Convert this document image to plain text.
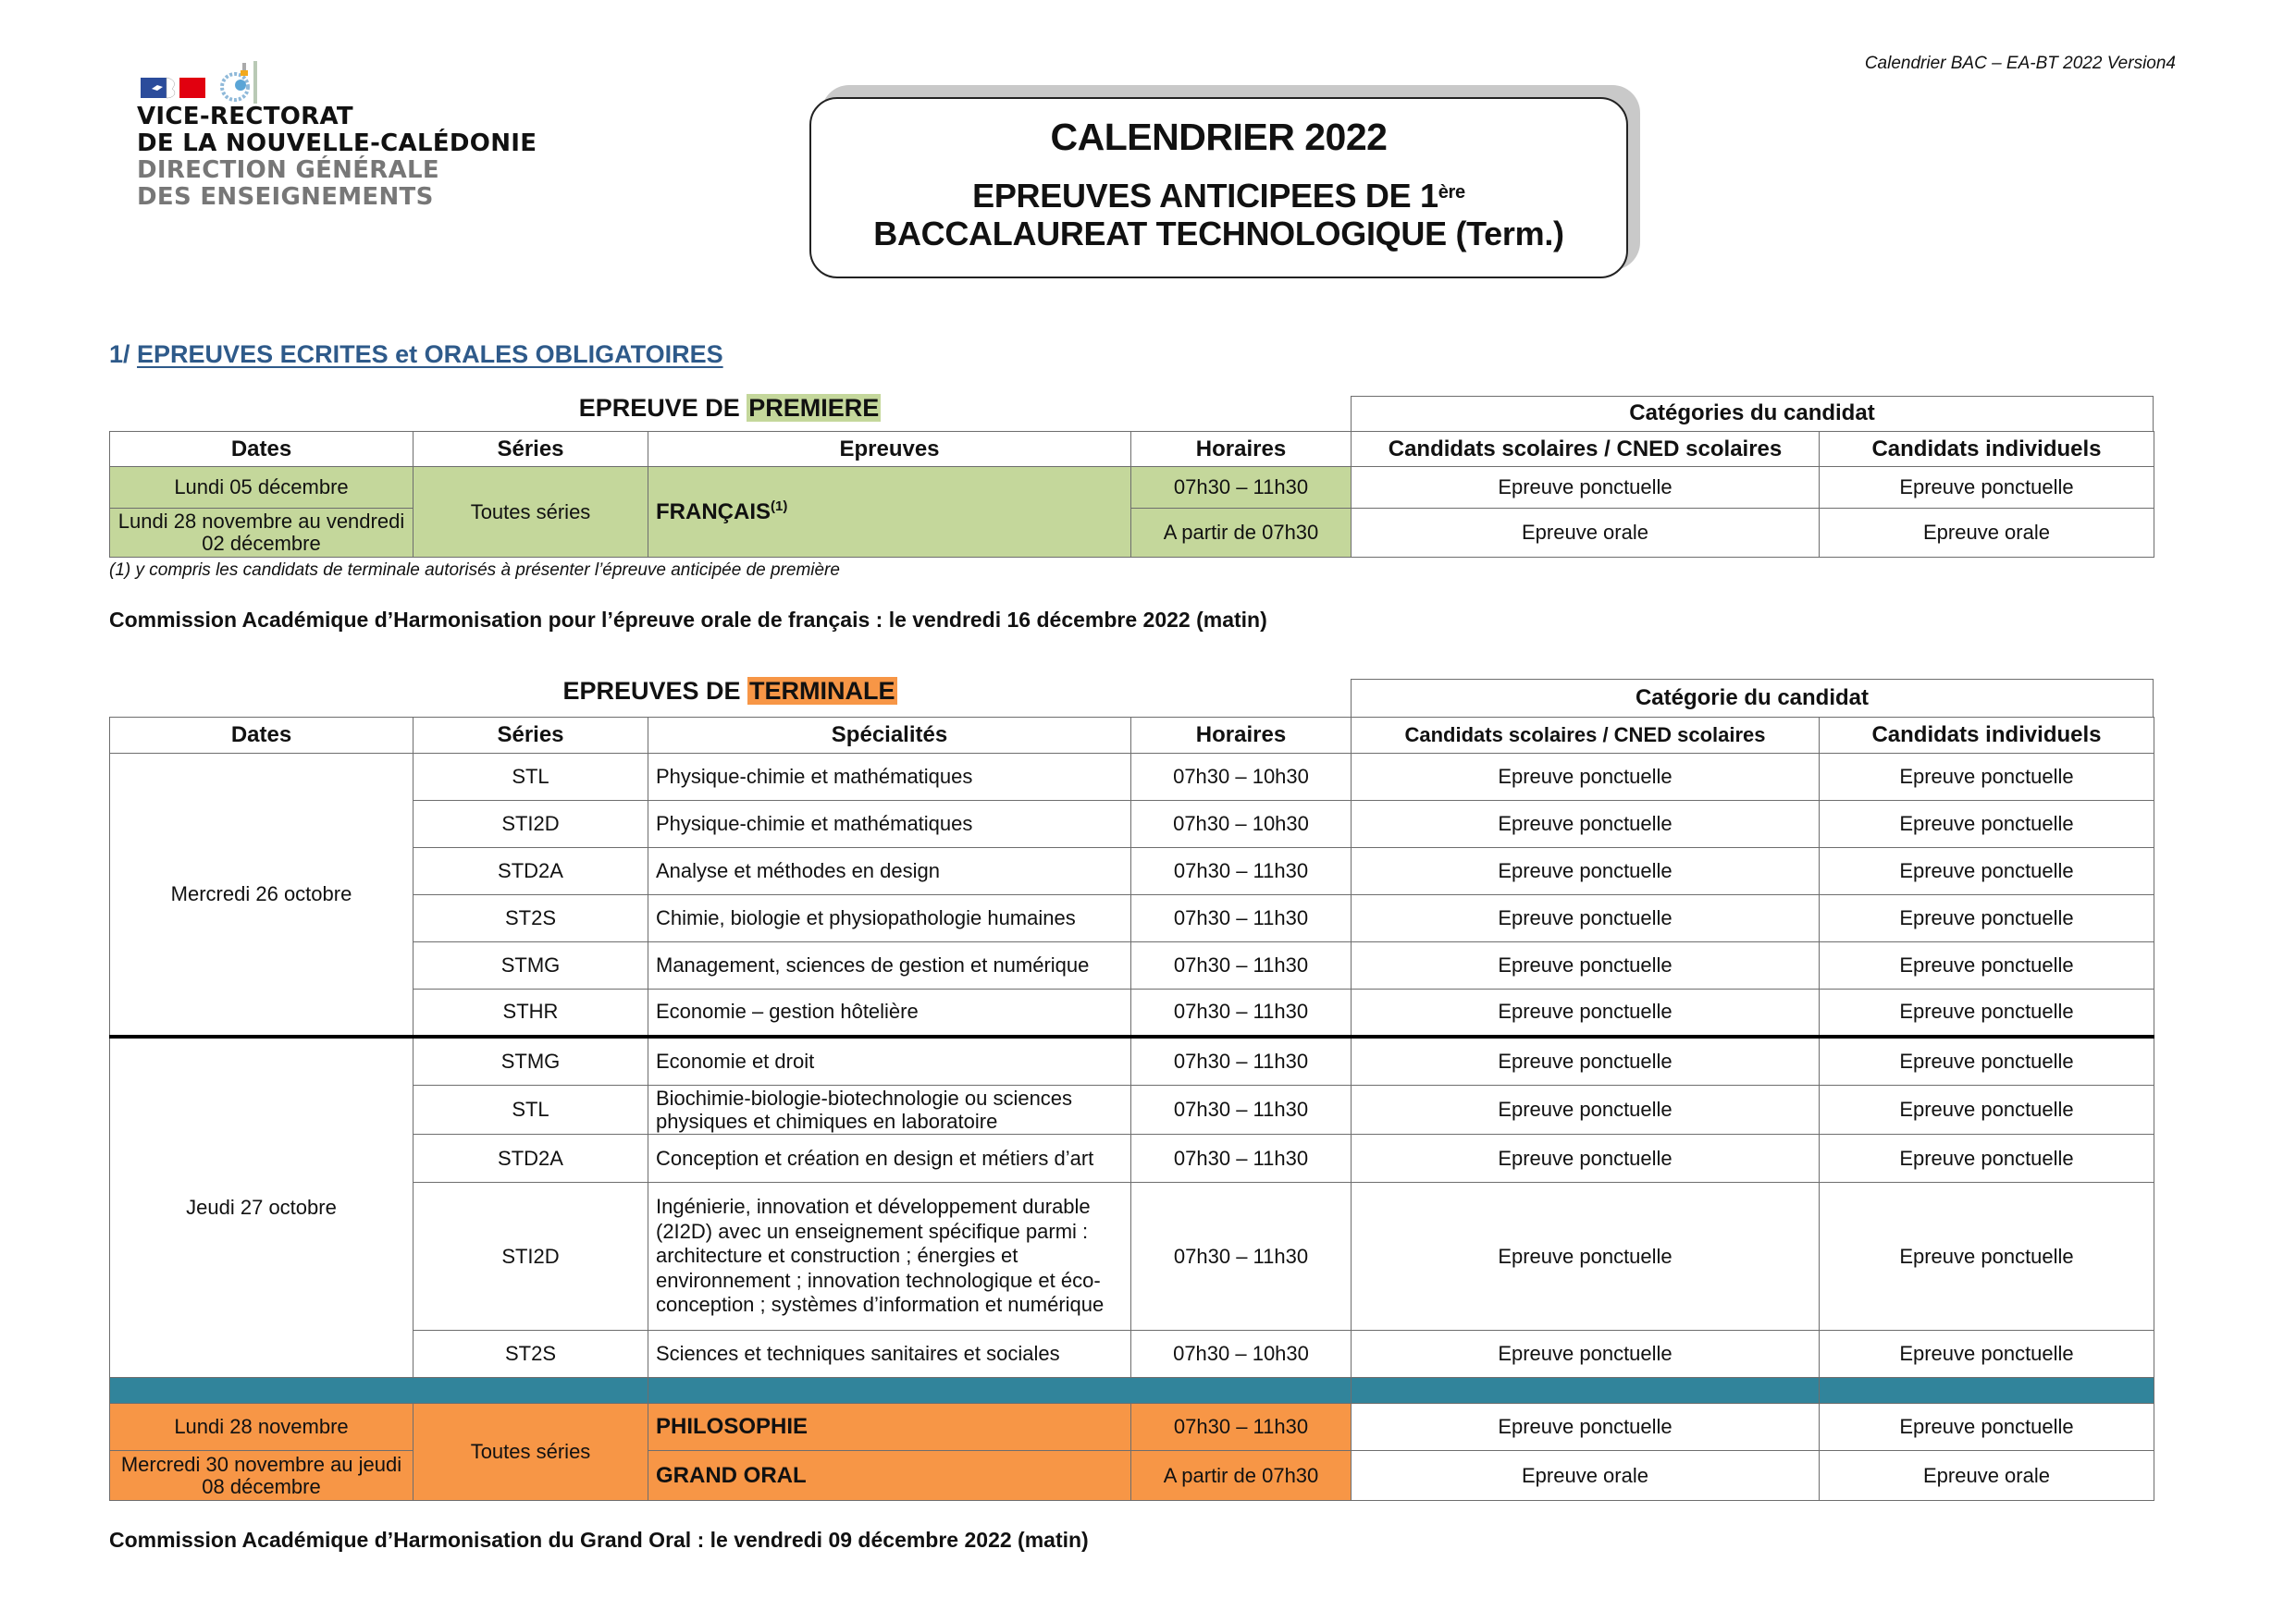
Calendrier BAC – EA-BT 2022 Version4
VICE-RECTORAT
DE LA NOUVELLE-CALÉDONIE
DIRECTION GÉNÉRALE
DES ENSEIGNEMENTS
CALENDRIER 2022
EPREUVES ANTICIPEES DE 1ère
BACCALAUREAT TECHNOLOGIQUE (Term.)
1/ EPREUVES ECRITES et ORALES OBLIGATOIRES
EPREUVE DE PREMIERE	Catégories du candidat
Dates	Séries	Epreuves	Horaires	Candidats scolaires / CNED scolaires	Candidats individuels
Lundi 05 décembre	Toutes séries	FRANÇAIS$^{(1)}$	07h30 – 11h30	Epreuve ponctuelle	Epreuve ponctuelle
Lundi 28 novembre au vendredi 02 décembre			A partir de 07h30	Epreuve orale	Epreuve orale
(1) y compris les candidats de terminale autorisés à présenter l’épreuve anticipée de première
Commission Académique d’Harmonisation pour l’épreuve orale de français : le vendredi 16 décembre 2022 (matin)
EPREUVES DE TERMINALE	Catégorie du candidat
Dates	Séries	Spécialités	Horaires	Candidats scolaires / CNED scolaires	Candidats individuels
Mercredi 26 octobre	STL	Physique-chimie et mathématiques	07h30 – 10h30	Epreuve ponctuelle	Epreuve ponctuelle
	STI2D	Physique-chimie et mathématiques	07h30 – 10h30	Epreuve ponctuelle	Epreuve ponctuelle
	STD2A	Analyse et méthodes en design	07h30 – 11h30	Epreuve ponctuelle	Epreuve ponctuelle
	ST2S	Chimie, biologie et physiopathologie humaines	07h30 – 11h30	Epreuve ponctuelle	Epreuve ponctuelle
	STMG	Management, sciences de gestion et numérique	07h30 – 11h30	Epreuve ponctuelle	Epreuve ponctuelle
	STHR	Economie – gestion hôtelière	07h30 – 11h30	Epreuve ponctuelle	Epreuve ponctuelle
Jeudi 27 octobre	STMG	Economie et droit	07h30 – 11h30	Epreuve ponctuelle	Epreuve ponctuelle
	STL	Biochimie-biologie-biotechnologie ou sciences physiques et chimiques en laboratoire	07h30 – 11h30	Epreuve ponctuelle	Epreuve ponctuelle
	STD2A	Conception et création en design et métiers d’art	07h30 – 11h30	Epreuve ponctuelle	Epreuve ponctuelle
	STI2D	Ingénierie, innovation et développement durable (2I2D) avec un enseignement spécifique parmi : architecture et construction ; énergies et environnement ; innovation technologique et éco-conception ; systèmes d’information et numérique	07h30 – 11h30	Epreuve ponctuelle	Epreuve ponctuelle
	ST2S	Sciences et techniques sanitaires et sociales	07h30 – 10h30	Epreuve ponctuelle	Epreuve ponctuelle

Lundi 28 novembre	Toutes séries	PHILOSOPHIE	07h30 – 11h30	Epreuve ponctuelle	Epreuve ponctuelle
Mercredi 30 novembre au jeudi 08 décembre		GRAND ORAL	A partir de 07h30	Epreuve orale	Epreuve orale
Commission Académique d’Harmonisation du Grand Oral : le vendredi 09 décembre 2022 (matin)
